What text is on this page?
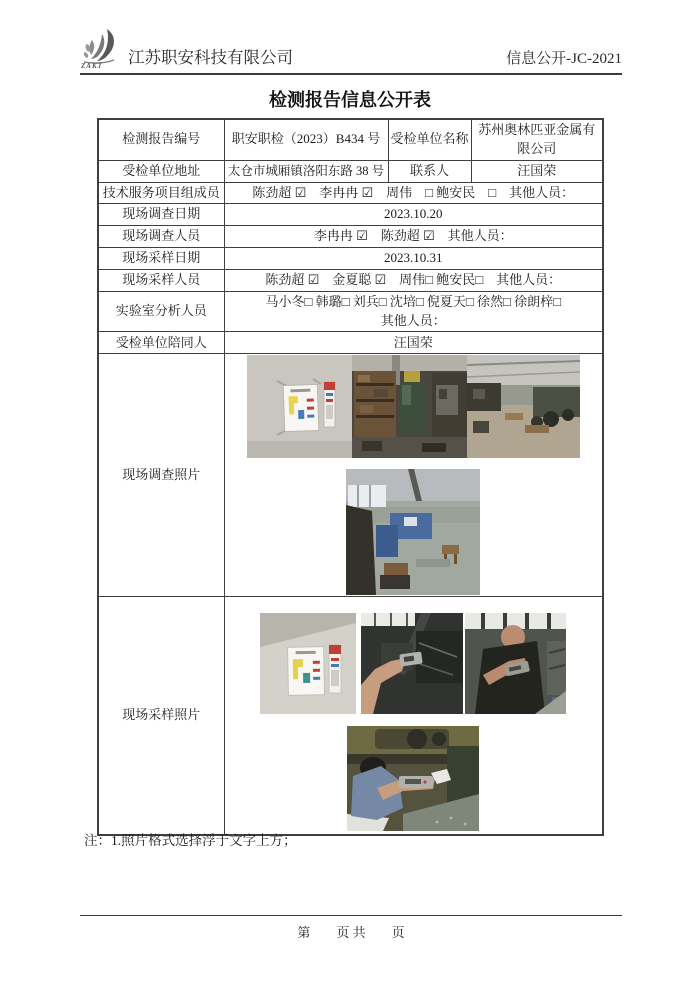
ZAKJ 江苏职安科技有限公司	信息公开-JC-2021
检测报告信息公开表
检测报告编号	职安职检（2023）B434 号	受检单位名称	苏州奥林匹亚金属有限公司
受检单位地址	太仓市城厢镇洛阳东路 38 号	联系人	汪国荣
技术服务项目组成员	陈劲超 ☑　李冉冉 ☑　周伟　□ 鲍安民　□　其他人员：		
现场调查日期	2023.10.20		
现场调查人员	李冉冉 ☑　陈劲超 ☑　其他人员：		
现场采样日期	2023.10.31		
现场采样人员	陈劲超 ☑　金夏聪 ☑　周伟□ 鲍安民□　其他人员：		
实验室分析人员	马小冬□ 韩璐□ 刘兵□ 沈培□ 倪夏天□ 徐然□ 徐朗梓□
其他人员：		
受检单位陪同人	汪国荣		
现场调查照片	

现场采样照片	
注：1.照片格式选择浮于文字上方；
第　　页 共　　页
